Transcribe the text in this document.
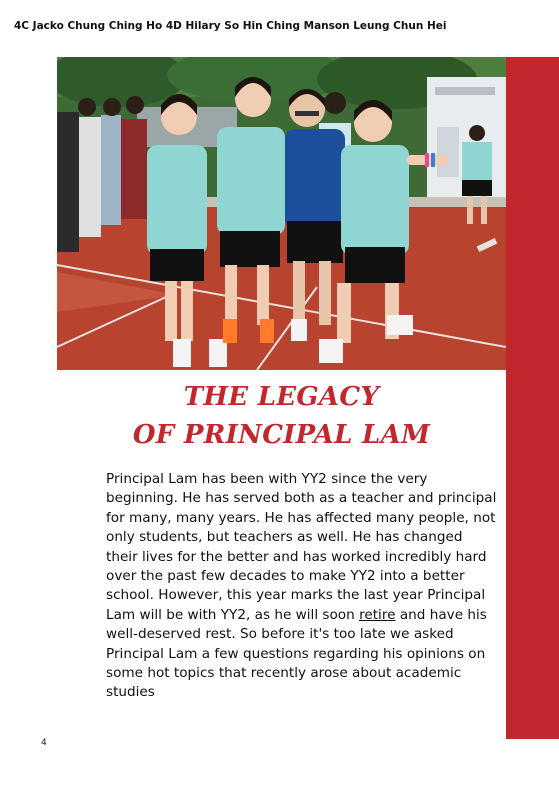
4C Jacko Chung Ching Ho 4D Hilary So Hin Ching Manson Leung Chun Hei
THE LEGACY
OF PRINCIPAL LAM
Principal Lam has been with YY2 since the very beginning. He has served both as a teacher and principal for many, many years. He has affected many people, not only students, but teachers as well. He has changed their lives for the better and has worked incredibly hard over the past few decades to make YY2 into a better school. However, this year marks the last year Principal Lam will be with YY2, as he will soon retire and have his well-deserved rest. So before it's too late we asked Principal Lam a few questions regarding his opinions on some hot topics that recently arose about academic studies
4
